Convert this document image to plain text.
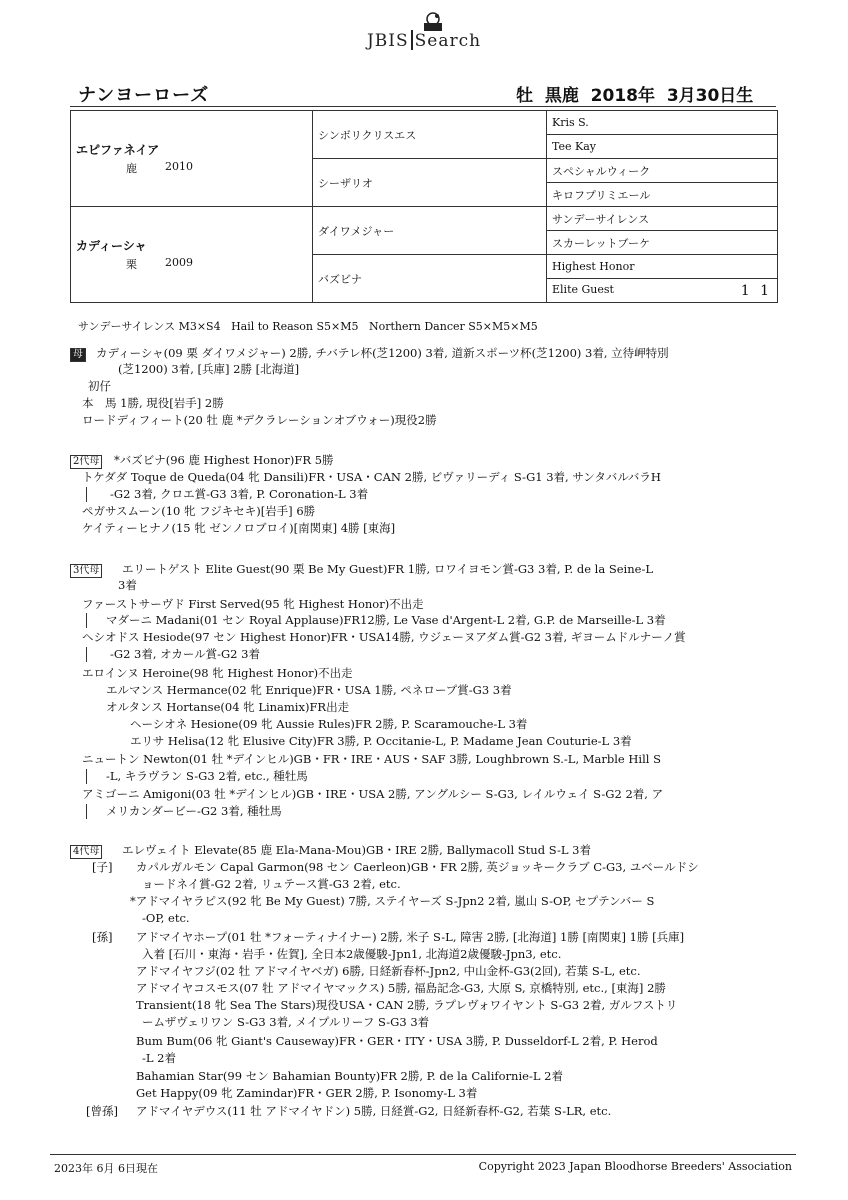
JBIS Search
ナンヨーローズ	牡  黒鹿  2018年  3月30日生
エピファネイア
鹿 2010	シンボリクリスエス	Kris S.
		Tee Kay
	シーザリオ	スペシャルウィーク
		キロフプリミエール

カディーシャ
栗 2009	ダイワメジャー	サンデーサイレンス
		スカーレットブーケ
	バズビナ	Highest Honor
		Elite Guest 1 1
サンデーサイレンス M3×S4   Hail to Reason S5×M5   Northern Dancer S5×M5×M5
母 カディーシャ(09 栗 ダイワメジャー) 2勝, チバテレ杯(芝1200) 3着, 道新スポーツ杯(芝1200) 3着, 立待岬特別
(芝1200) 3着, [兵庫] 2勝 [北海道]
初仔
本　馬 1勝, 現役[岩手] 2勝
ロードディフィート(20 牡 鹿 *デクラレーションオブウォー)現役2勝
2代母 *バズビナ(96 鹿 Highest Honor)FR 5勝
トケダダ Toque de Queda(04 牝 Dansili)FR・USA・CAN 2勝, ビヴァリーディ S-G1 3着, サンタバルバラH
-G2 3着, クロエ賞-G3 3着, P. Coronation-L 3着
ペガサスムーン(10 牝 フジキセキ)[岩手] 6勝
ケイティーヒナノ(15 牝 ゼンノロブロイ)[南関東] 4勝 [東海]
3代母 エリートゲスト Elite Guest(90 栗 Be My Guest)FR 1勝, ロワイヨモン賞-G3 3着, P. de la Seine-L
3着
ファーストサーヴド First Served(95 牝 Highest Honor)不出走
マダーニ Madani(01 セン Royal Applause)FR12勝, Le Vase d'Argent-L 2着, G.P. de Marseille-L 3着
ヘシオドス Hesiode(97 セン Highest Honor)FR・USA14勝, ウジェーヌアダム賞-G2 3着, ギヨームドルナーノ賞
-G2 3着, オカール賞-G2 3着
エロインヌ Heroine(98 牝 Highest Honor)不出走
エルマンス Hermance(02 牝 Enrique)FR・USA 1勝, ペネロープ賞-G3 3着
オルタンス Hortanse(04 牝 Linamix)FR出走
ヘーシオネ Hesione(09 牝 Aussie Rules)FR 2勝, P. Scaramouche-L 3着
エリサ Helisa(12 牝 Elusive City)FR 3勝, P. Occitanie-L, P. Madame Jean Couturie-L 3着
ニュートン Newton(01 牡 *デインヒル)GB・FR・IRE・AUS・SAF 3勝, Loughbrown S.-L, Marble Hill S
-L, キラヴラン S-G3 2着, etc., 種牡馬
アミゴーニ Amigoni(03 牡 *デインヒル)GB・IRE・USA 2勝, アングルシー S-G3, レイルウェイ S-G2 2着, ア
メリカンダービー-G2 3着, 種牡馬
4代母 エレヴェイト Elevate(85 鹿 Ela-Mana-Mou)GB・IRE 2勝, Ballymacoll Stud S-L 3着
[子] カパルガルモン Capal Garmon(98 セン Caerleon)GB・FR 2勝, 英ジョッキークラブ C-G3, ユベールドシ
ョードネイ賞-G2 2着, リュテース賞-G3 2着, etc.
*アドマイヤラピス(92 牝 Be My Guest) 7勝, ステイヤーズ S-Jpn2 2着, 嵐山 S-OP, セプテンバー S
-OP, etc.
[孫] アドマイヤホープ(01 牡 *フォーティナイナー) 2勝, 米子 S-L, 障害 2勝, [北海道] 1勝 [南関東] 1勝 [兵庫]
入着 [石川・東海・岩手・佐賀], 全日本2歳優駿-Jpn1, 北海道2歳優駿-Jpn3, etc.
アドマイヤフジ(02 牡 アドマイヤベガ) 6勝, 日経新春杯-Jpn2, 中山金杯-G3(2回), 若葉 S-L, etc.
アドマイヤコスモス(07 牡 アドマイヤマックス) 5勝, 福島記念-G3, 大原 S, 京橋特別, etc., [東海] 2勝
Transient(18 牝 Sea The Stars)現役USA・CAN 2勝, ラプレヴォワイヤント S-G3 2着, ガルフストリ
ームザヴェリワン S-G3 3着, メイプルリーフ S-G3 3着
Bum Bum(06 牝 Giant's Causeway)FR・GER・ITY・USA 3勝, P. Dusseldorf-L 2着, P. Herod
-L 2着
Bahamian Star(99 セン Bahamian Bounty)FR 2勝, P. de la Californie-L 2着
Get Happy(09 牝 Zamindar)FR・GER 2勝, P. Isonomy-L 3着
[曾孫] アドマイヤデウス(11 牡 アドマイヤドン) 5勝, 日経賞-G2, 日経新春杯-G2, 若葉 S-LR, etc.
2023年 6月 6日現在	Copyright 2023 Japan Bloodhorse Breeders' Association
